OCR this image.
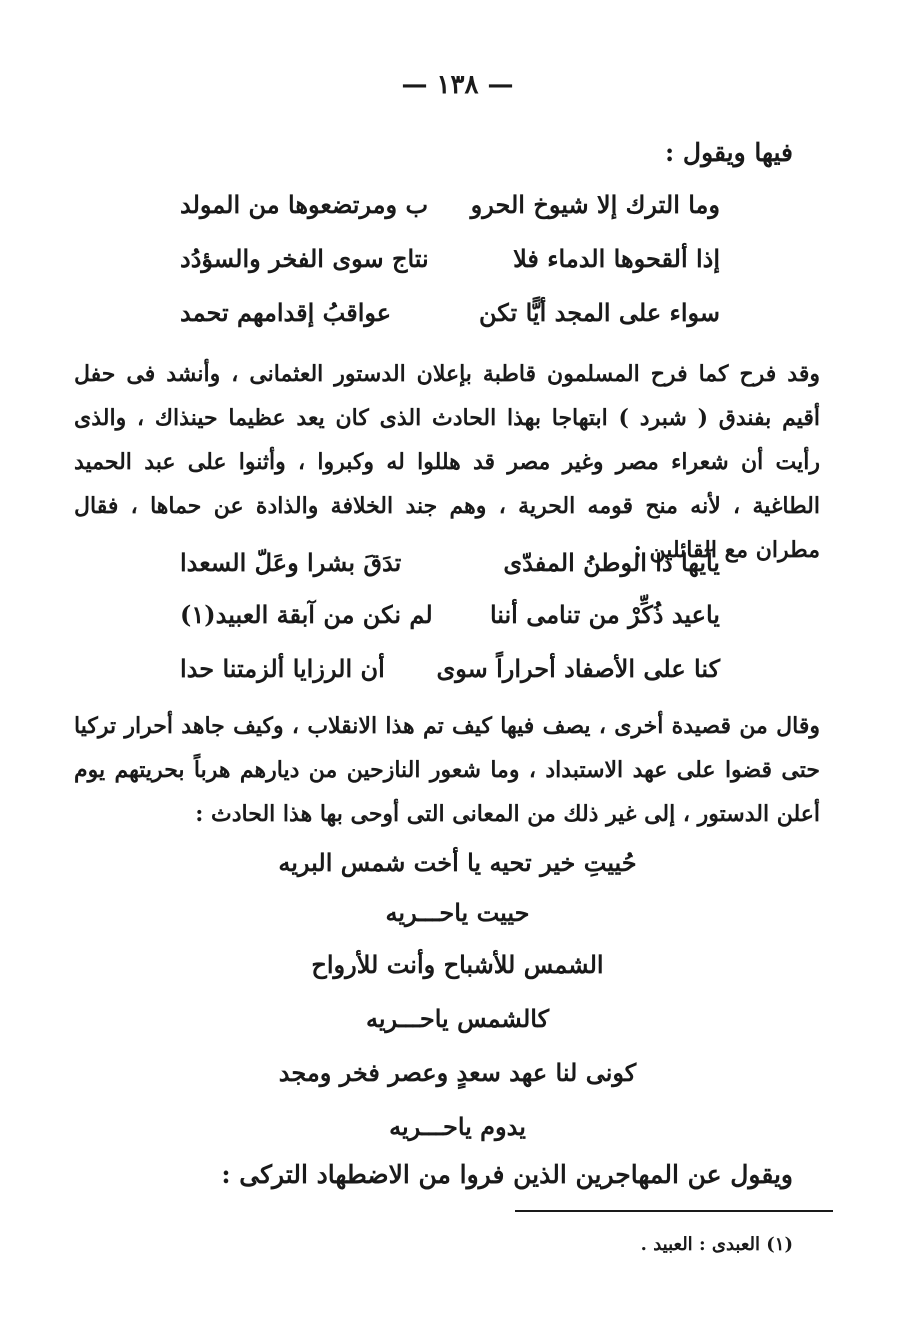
— ١٣٨ —
فيها ويقول :
وما الترك إلا شيوخ الحرو
ب ومرتضعوها من المولد
إذا ألقحوها الدماء فلا
نتاج سوى الفخر والسؤدُد
سواء على المجد أيًّا تكن
عواقبُ إقدامهم تحمد
وقد فرح كما فرح المسلمون قاطبة بإعلان الدستور العثمانى ، وأنشد فى حفل أقيم بفندق ( شبرد ) ابتهاجا بهذا الحادث الذى كان يعد عظيما حينذاك ، والذى رأيت أن شعراء مصر وغير مصر قد هللوا له وكبروا ، وأثنوا على عبد الحميد الطاغية ، لأنه منح قومه الحرية ، وهم جند الخلافة والذادة عن حماها ، فقال مطران مع القائلين :
يآيها ذا الوطنُ المفدّى
تدَقَ بشرا وعَلّ السعدا
ياعيد ذُكِّرْ من تنامى أننا
لم نكن من آبقة العبيد(١)
كنا على الأصفاد أحراراً سوى
أن الرزايا ألزمتنا حدا
وقال من قصيدة أخرى ، يصف فيها كيف تم هذا الانقلاب ، وكيف جاهد أحرار تركيا حتى قضوا على عهد الاستبداد ، وما شعور النازحين من ديارهم هرباً بحريتهم يوم أعلن الدستور ، إلى غير ذلك من المعانى التى أوحى بها هذا الحادث :
حُييتِ خير تحيه يا أخت شمس البريه
حييت ياحـــريه
الشمس للأشباح وأنت للأرواح
كالشمس ياحـــريه
كونى لنا عهد سعدٍ وعصر فخر ومجد
يدوم ياحـــريه
ويقول عن المهاجرين الذين فروا من الاضطهاد التركى :
(١) العبدى : العبيد .
